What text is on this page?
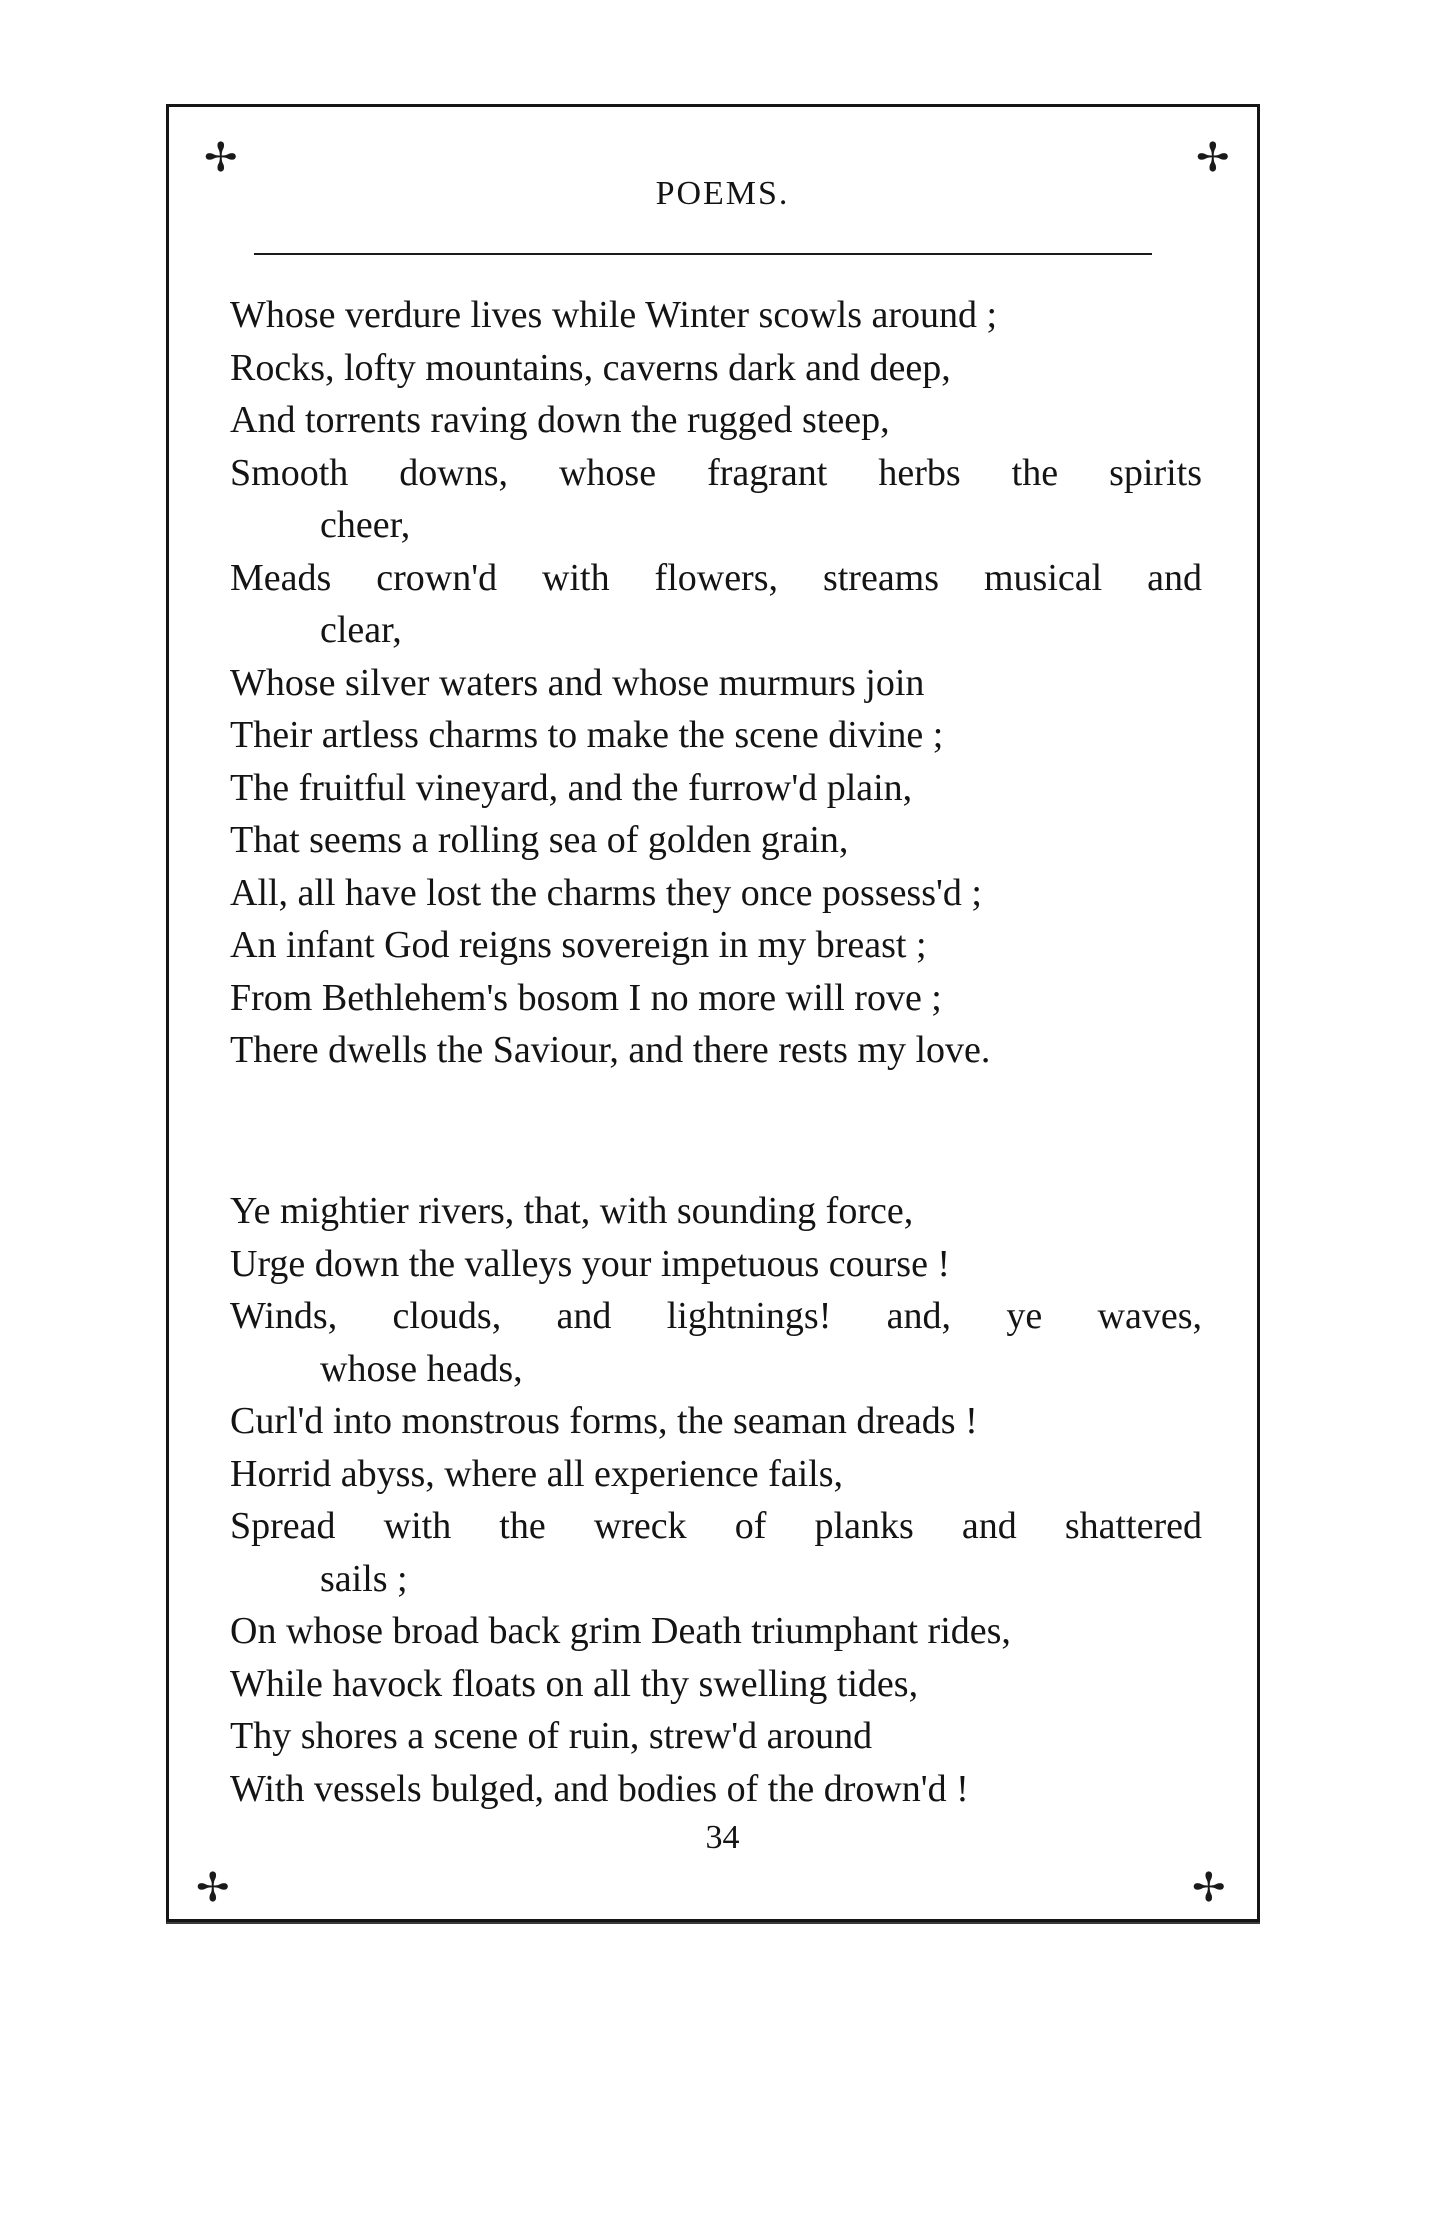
✢	✢
POEMS.
Whose verdure lives while Winter scowls around ;
Rocks, lofty mountains, caverns dark and deep,
And torrents raving down the rugged steep,
Smooth downs, whose fragrant herbs the spirits
cheer,
Meads crown'd with flowers, streams musical and
clear,
Whose silver waters and whose murmurs join
Their artless charms to make the scene divine ;
The fruitful vineyard, and the furrow'd plain,
That seems a rolling sea of golden grain,
All, all have lost the charms they once possess'd ;
An infant God reigns sovereign in my breast ;
From Bethlehem's bosom I no more will rove ;
There dwells the Saviour, and there rests my love.
Ye mightier rivers, that, with sounding force,
Urge down the valleys your impetuous course !
Winds, clouds, and lightnings! and, ye waves,
whose heads,
Curl'd into monstrous forms, the seaman dreads !
Horrid abyss, where all experience fails,
Spread with the wreck of planks and shattered
sails ;
On whose broad back grim Death triumphant rides,
While havock floats on all thy swelling tides,
Thy shores a scene of ruin, strew'd around
With vessels bulged, and bodies of the drown'd !
34
✢	✢
